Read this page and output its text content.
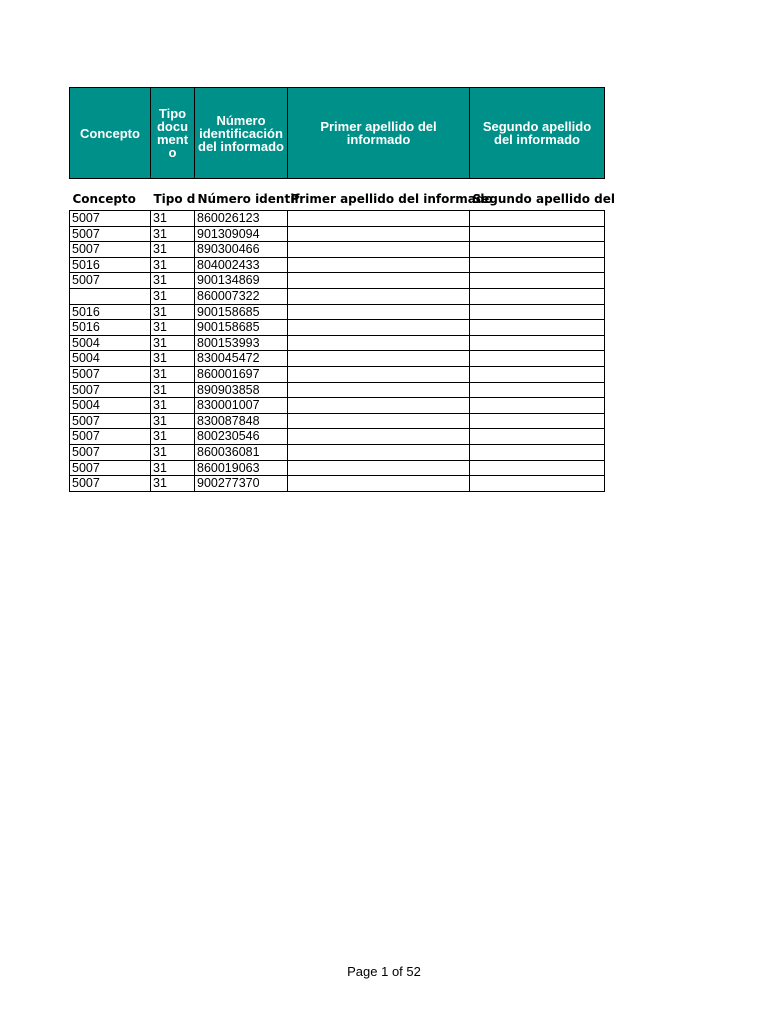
Concepto	Tipo docu ment o	Número identificación del informado	Primer apellido del informado	Segundo apellido del informado

Concepto	Tipo d	Número identif	Primer apellido del informado	Segundo apellido del
5007	31	860026123		
5007	31	901309094		
5007	31	890300466		
5016	31	804002433		
5007	31	900134869		
	31	860007322		
5016	31	900158685		
5016	31	900158685		
5004	31	800153993		
5004	31	830045472		
5007	31	860001697		
5007	31	890903858		
5004	31	830001007		
5007	31	830087848		
5007	31	800230546		
5007	31	860036081		
5007	31	860019063		
5007	31	900277370		
Page 1 of 52
